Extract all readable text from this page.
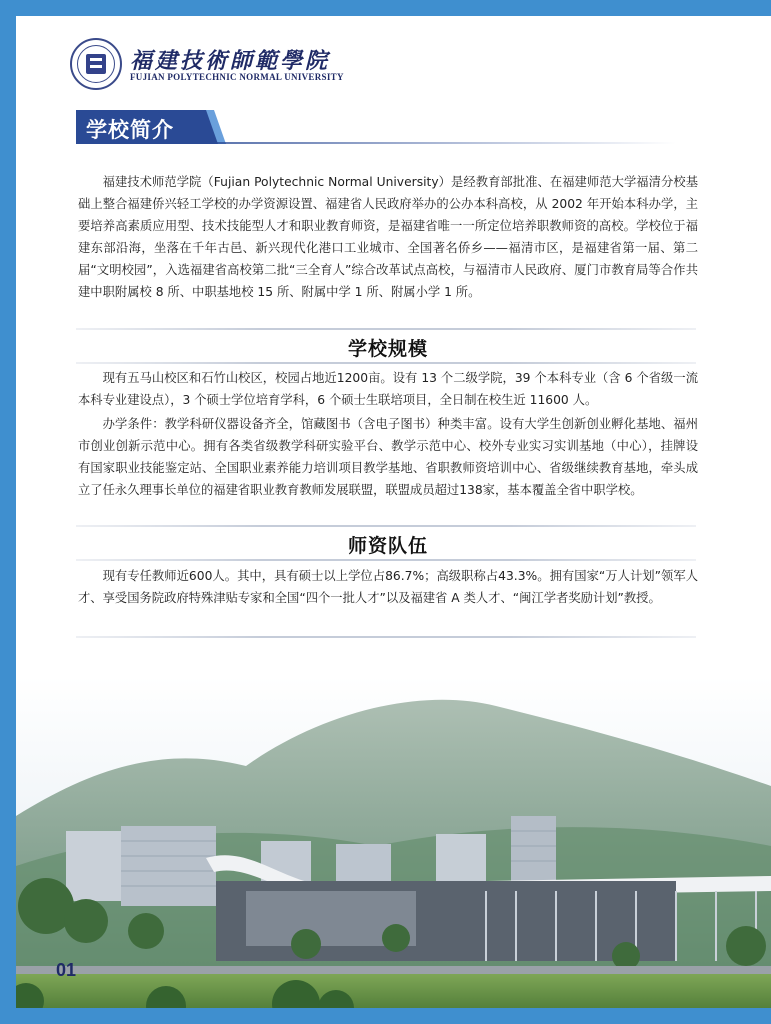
福建技術師範學院
FUJIAN POLYTECHNIC NORMAL UNIVERSITY
学校简介

福建技术师范学院（Fujian Polytechnic Normal University）是经教育部批准、在福建师范大学福清分校基础上整合福建侨兴轻工学校的办学资源设置、福建省人民政府举办的公办本科高校，从 2002 年开始本科办学，主要培养高素质应用型、技术技能型人才和职业教育师资，是福建省唯一一所定位培养职教师资的高校。学校位于福建东部沿海，坐落在千年古邑、新兴现代化港口工业城市、全国著名侨乡——福清市区，是福建省第一届、第二届“文明校园”，入选福建省高校第二批“三全育人”综合改革试点高校，与福清市人民政府、厦门市教育局等合作共建中职附属校 8 所、中职基地校 15 所、附属中学 1 所、附属小学 1 所。

学校规模

现有五马山校区和石竹山校区，校园占地近1200亩。设有 13 个二级学院，39 个本科专业（含 6 个省级一流本科专业建设点），3 个硕士学位培育学科，6 个硕士生联培项目，全日制在校生近 11600 人。

办学条件：教学科研仪器设备齐全，馆藏图书（含电子图书）种类丰富。设有大学生创新创业孵化基地、福州市创业创新示范中心。拥有各类省级教学科研实验平台、教学示范中心、校外专业实习实训基地（中心），挂牌设有国家职业技能鉴定站、全国职业素养能力培训项目教学基地、省职教师资培训中心、省级继续教育基地，牵头成立了任永久理事长单位的福建省职业教育教师发展联盟，联盟成员超过138家，基本覆盖全省中职学校。

师资队伍

现有专任教师近600人。其中，具有硕士以上学位占86.7%；高级职称占43.3%。拥有国家“万人计划”领军人才、享受国务院政府特殊津贴专家和全国“四个一批人才”以及福建省 A 类人才、“闽江学者奖励计划”教授。

01
